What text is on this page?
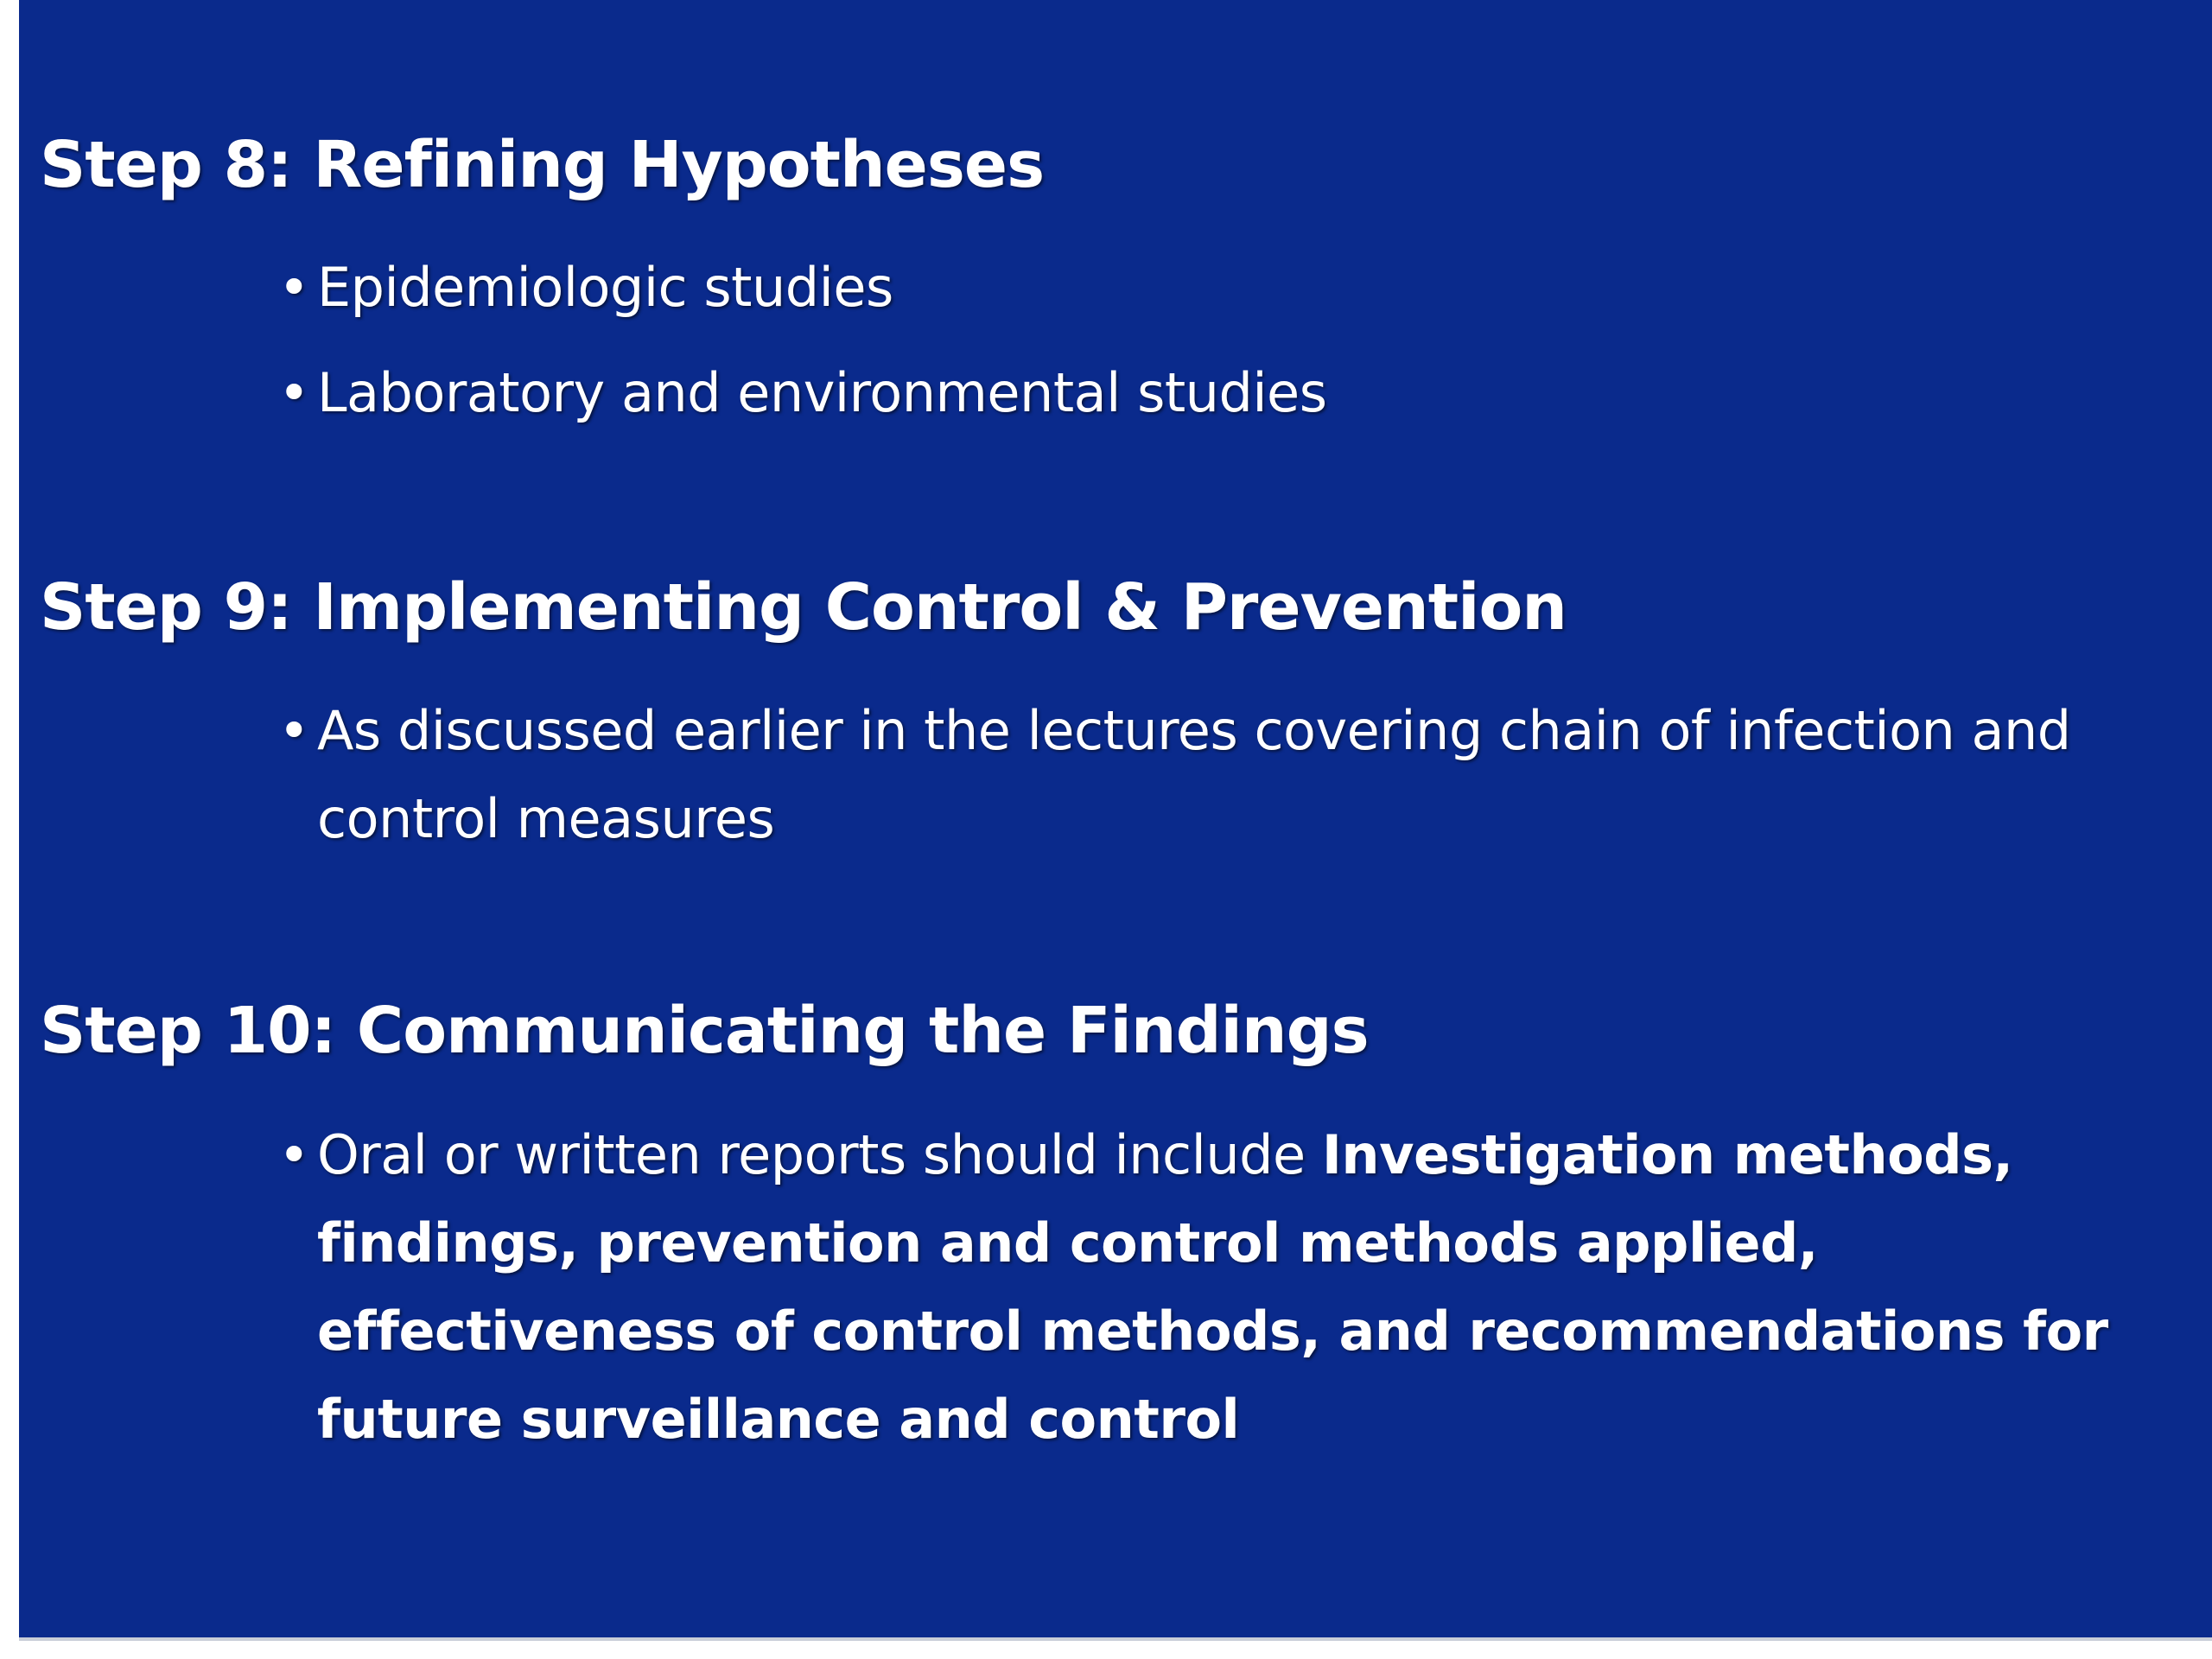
Step 8: Refining Hypotheses
• Epidemiologic studies
• Laboratory and environmental studies
Step 9: Implementing Control & Prevention
• As discussed earlier in the lectures covering chain of infection and control measures
Step 10: Communicating the Findings
• Oral or written reports should include Investigation methods, findings, prevention and control methods applied, effectiveness of control methods, and recommendations for future surveillance and control
